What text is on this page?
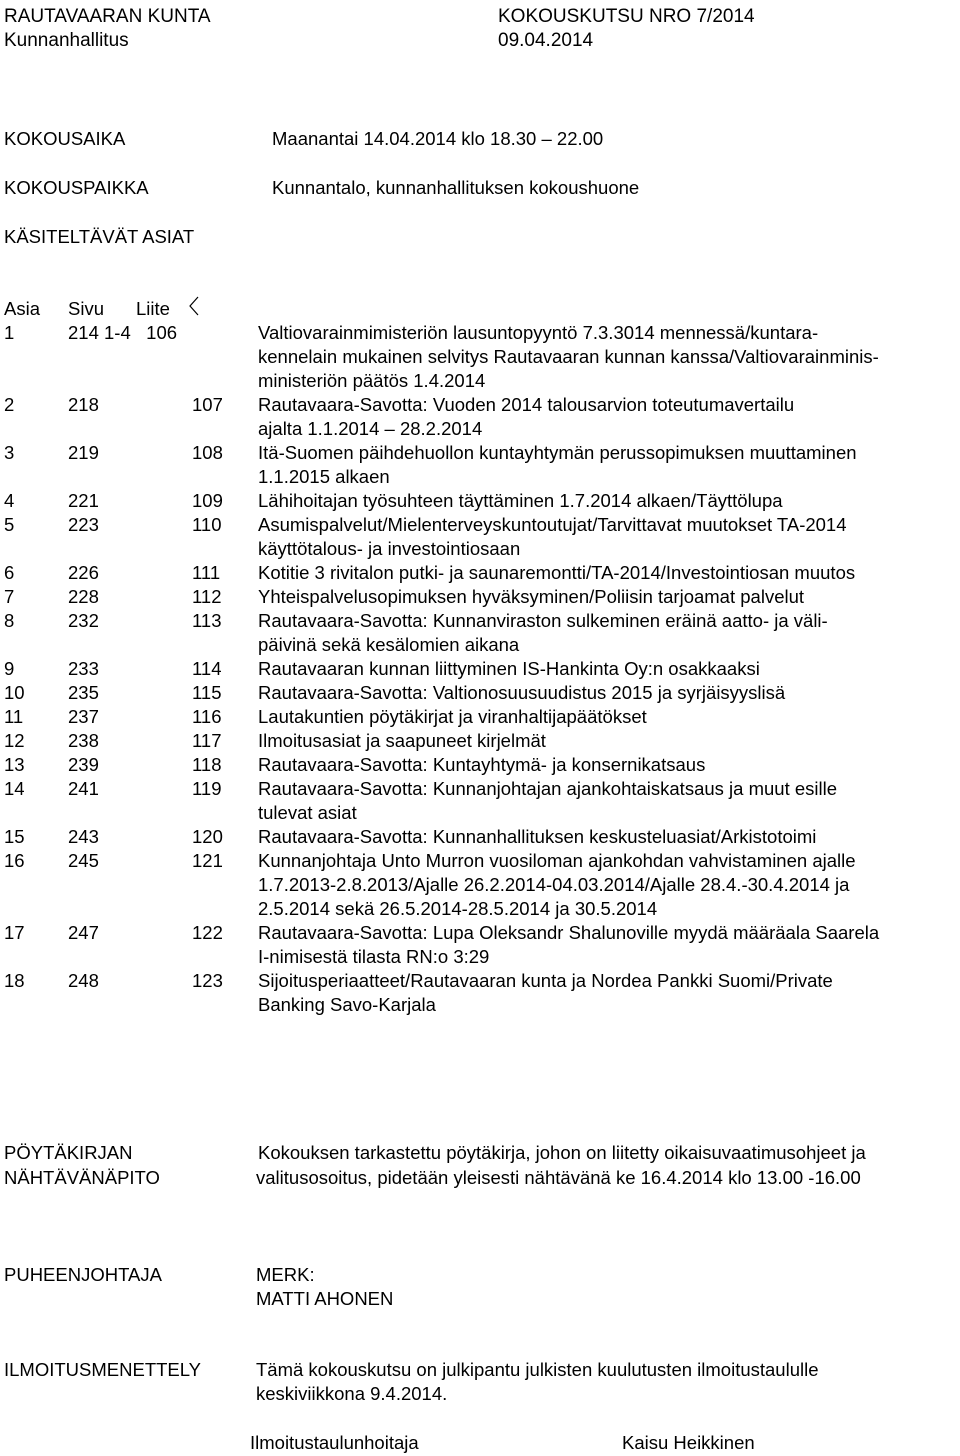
RAUTAVAARAN KUNTA
Kunnanhallitus
KOKOUSKUTSU NRO 7/2014
09.04.2014
KOKOUSAIKA	Maanantai 14.04.2014 klo 18.30 – 22.00
KOKOUSPAIKKA	Kunnantalo, kunnanhallituksen kokoushuone
KÄSITELTÄVÄT ASIAT
Asia Sivu Liite
1	214 1-4   106	Valtiovarainmimisteriön lausuntopyyntö 7.3.3014 mennessä/kuntara-
kennelain mukainen selvitys Rautavaaran kunnan kanssa/Valtiovarainminis-
ministeriön päätös 1.4.2014
2	218	107 Rautavaara-Savotta: Vuoden 2014 talousarvion toteutumavertailu
ajalta 1.1.2014 – 28.2.2014
3	219	108 Itä-Suomen päihdehuollon kuntayhtymän perussopimuksen muuttaminen
1.1.2015 alkaen
4	221	109 Lähihoitajan työsuhteen täyttäminen 1.7.2014 alkaen/Täyttölupa
5	223	110 Asumispalvelut/Mielenterveyskuntoutujat/Tarvittavat muutokset TA-2014
käyttötalous- ja investointiosaan
6	226	111 Kotitie 3 rivitalon putki- ja saunaremontti/TA-2014/Investointiosan muutos
7	228	112 Yhteispalvelusopimuksen hyväksyminen/Poliisin tarjoamat palvelut
8	232	113 Rautavaara-Savotta: Kunnanviraston sulkeminen eräinä aatto- ja väli-
päivinä sekä kesälomien aikana
9	233	114 Rautavaaran kunnan liittyminen IS-Hankinta Oy:n osakkaaksi
10 235	115 Rautavaara-Savotta: Valtionosuusuudistus 2015 ja syrjäisyyslisä
11 237	116 Lautakuntien pöytäkirjat ja viranhaltijapäätökset
12 238	117 Ilmoitusasiat ja saapuneet kirjelmät
13 239	118 Rautavaara-Savotta: Kuntayhtymä- ja konsernikatsaus
14 241	119 Rautavaara-Savotta: Kunnanjohtajan ajankohtaiskatsaus ja muut esille
tulevat asiat
15 243	120 Rautavaara-Savotta: Kunnanhallituksen keskusteluasiat/Arkistotoimi
16 245	121 Kunnanjohtaja Unto Murron vuosiloman ajankohdan vahvistaminen ajalle
1.7.2013-2.8.2013/Ajalle 26.2.2014-04.03.2014/Ajalle 28.4.-30.4.2014 ja
2.5.2014 sekä 26.5.2014-28.5.2014 ja 30.5.2014
17 247	122 Rautavaara-Savotta: Lupa Oleksandr Shalunoville myydä määräala Saarela
I-nimisestä tilasta RN:o 3:29
18 248	123 Sijoitusperiaatteet/Rautavaaran kunta ja Nordea Pankki Suomi/Private
Banking Savo-Karjala
PÖYTÄKIRJAN
NÄHTÄVÄNÄPITO
Kokouksen tarkastettu pöytäkirja, johon on liitetty oikaisuvaatimusohjeet ja
valitusosoitus, pidetään yleisesti nähtävänä ke 16.4.2014 klo 13.00 -16.00
PUHEENJOHTAJA	MERK:
MATTI AHONEN
ILMOITUSMENETTELY	Tämä kokouskutsu on julkipantu julkisten kuulutusten ilmoitustaululle
keskiviikkona 9.4.2014.
Ilmoitustaulunhoitaja	Kaisu Heikkinen
